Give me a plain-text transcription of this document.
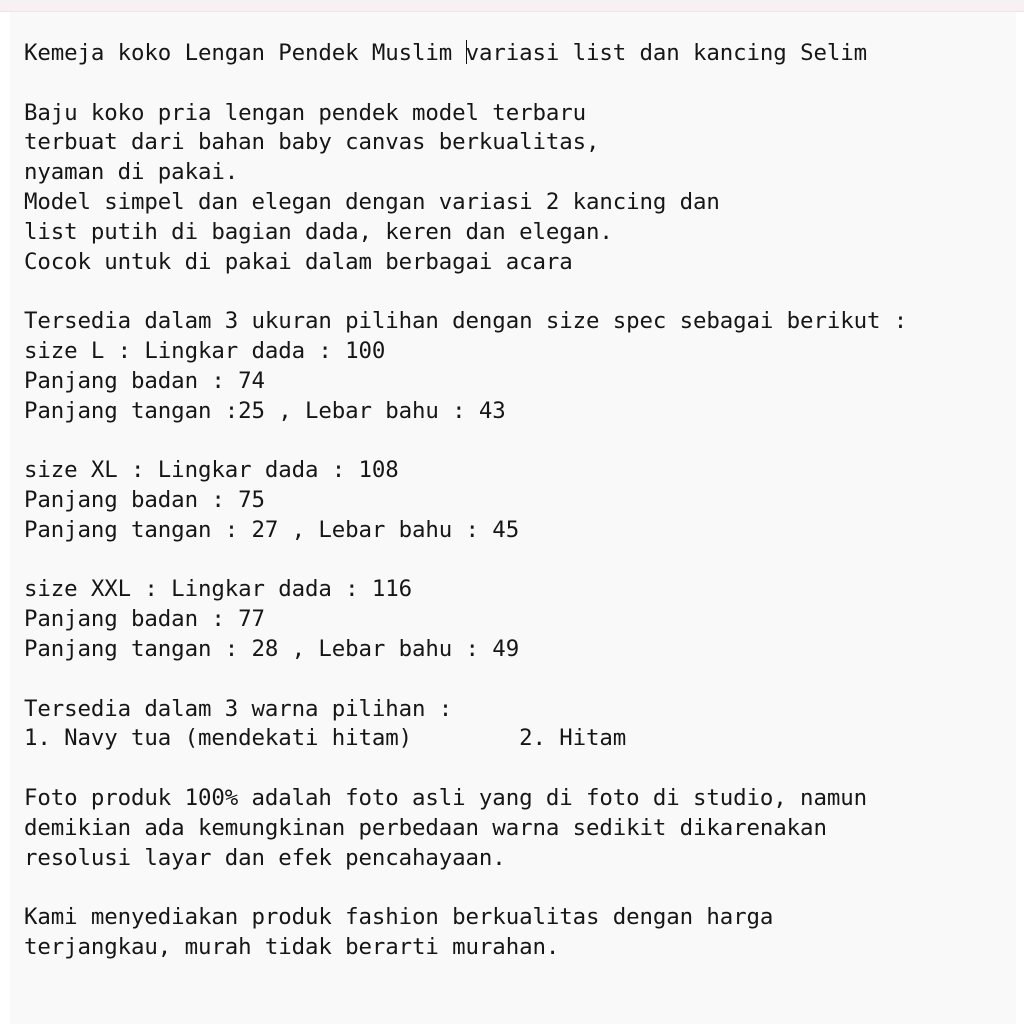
Kemeja koko Lengan Pendek Muslim variasi list dan kancing Selim
Baju koko pria lengan pendek model terbaru
terbuat dari bahan baby canvas berkualitas,
nyaman di pakai.
Model simpel dan elegan dengan variasi 2 kancing dan
list putih di bagian dada, keren dan elegan.
Cocok untuk di pakai dalam berbagai acara
Tersedia dalam 3 ukuran pilihan dengan size spec sebagai berikut :
size L : Lingkar dada : 100
Panjang badan : 74
Panjang tangan :25 , Lebar bahu : 43
size XL : Lingkar dada : 108
Panjang badan : 75
Panjang tangan : 27 , Lebar bahu : 45
size XXL : Lingkar dada : 116
Panjang badan : 77
Panjang tangan : 28 , Lebar bahu : 49
Tersedia dalam 3 warna pilihan :
1. Navy tua (mendekati hitam)        2. Hitam
Foto produk 100% adalah foto asli yang di foto di studio, namun
demikian ada kemungkinan perbedaan warna sedikit dikarenakan
resolusi layar dan efek pencahayaan.
Kami menyediakan produk fashion berkualitas dengan harga
terjangkau, murah tidak berarti murahan.
